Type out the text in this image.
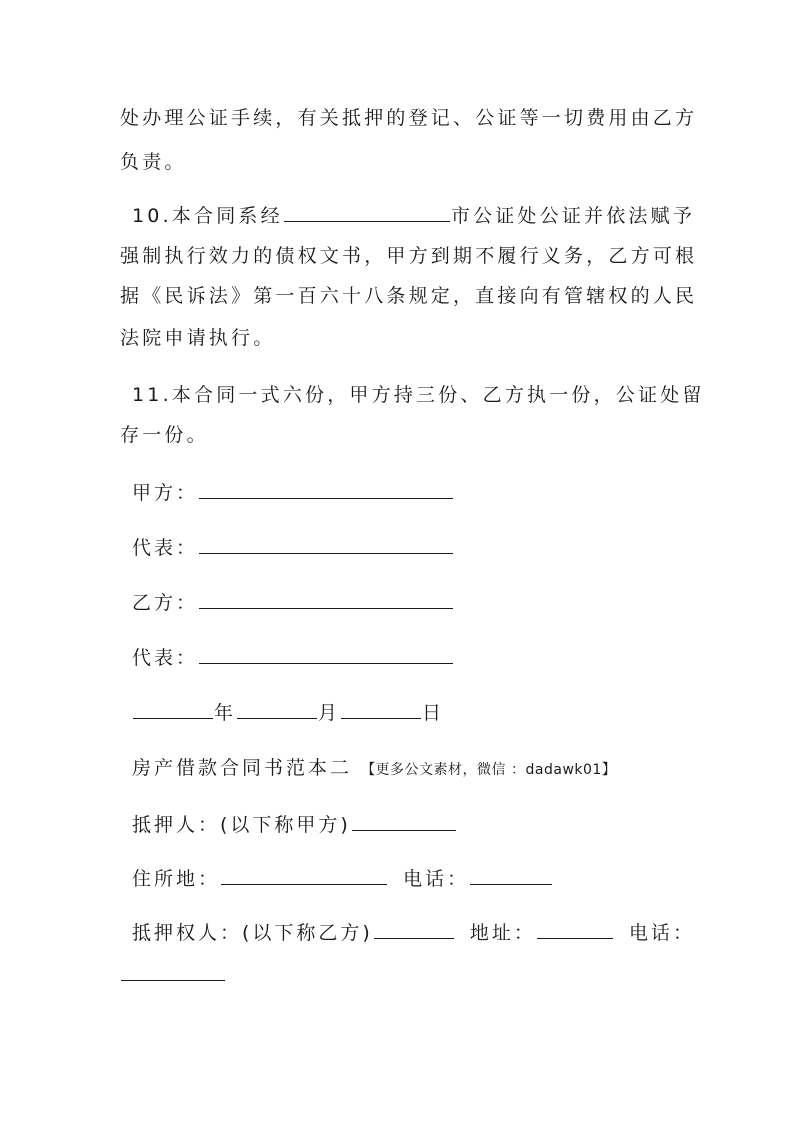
处办理公证手续，有关抵押的登记、公证等一切费用由乙方
负责。
10.本合同系经	市公证处公证并依法赋予
强制执行效力的债权文书，甲方到期不履行义务，乙方可根
据《民诉法》第一百六十八条规定，直接向有管辖权的人民
法院申请执行。
11.本合同一式六份，甲方持三份、乙方执一份，公证处留
存一份。
甲方：
代表：
乙方：
代表：
年	月	日
房产借款合同书范本二 【更多公文素材，微信 ：dadawk01】
抵押人：(以下称甲方)
住所地：	电话：
抵押权人：(以下称乙方)	地址：	电话：
